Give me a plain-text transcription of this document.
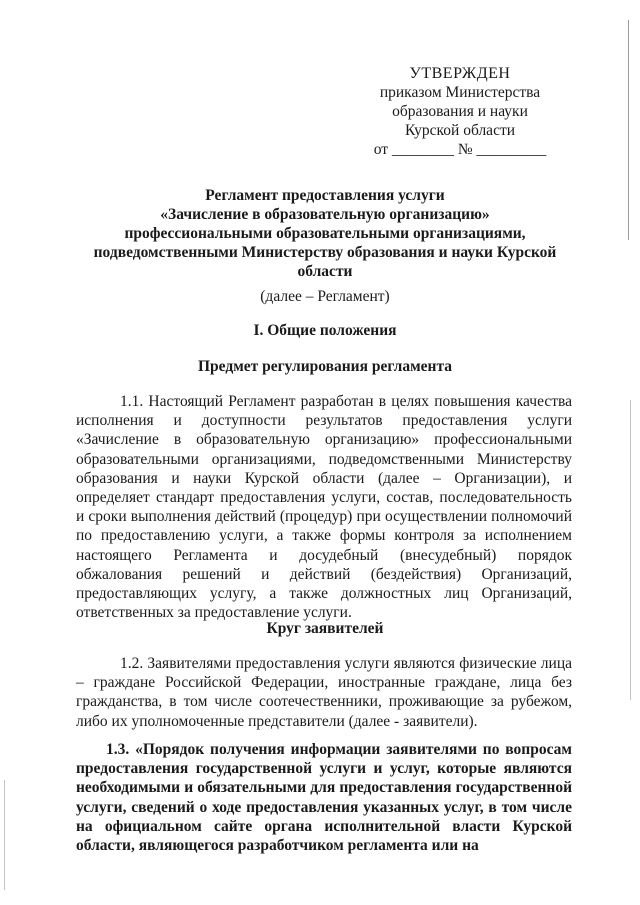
УТВЕРЖДЕН
приказом Министерства
образования и науки
Курской области
от ________ № _________
Регламент предоставления услуги
«Зачисление в образовательную организацию»
профессиональными образовательными организациями,
подведомственными Министерству образования и науки Курской
области
(далее – Регламент)
I. Общие положения
Предмет регулирования регламента
1.1. Настоящий Регламент разработан в целях повышения качества исполнения и доступности результатов предоставления услуги «Зачисление в образовательную организацию» профессиональными образовательными организациями, подведомственными Министерству образования и науки Курской области (далее – Организации), и определяет стандарт предоставления услуги, состав, последовательность и сроки выполнения действий (процедур) при осуществлении полномочий по предоставлению услуги, а также формы контроля за исполнением настоящего Регламента и досудебный (внесудебный) порядок обжалования решений и действий (бездействия) Организаций, предоставляющих услугу, а также должностных лиц Организаций, ответственных за предоставление услуги.
Круг заявителей
1.2. Заявителями предоставления услуги являются физические лица – граждане Российской Федерации, иностранные граждане, лица без гражданства, в том числе соотечественники, проживающие за рубежом, либо их уполномоченные представители (далее - заявители).
1.3. «Порядок получения информации заявителями по вопросам предоставления государственной услуги и услуг, которые являются необходимыми и обязательными для предоставления государственной услуги, сведений о ходе предоставления указанных услуг, в том числе на официальном сайте органа исполнительной власти Курской области, являющегося разработчиком регламента или на
